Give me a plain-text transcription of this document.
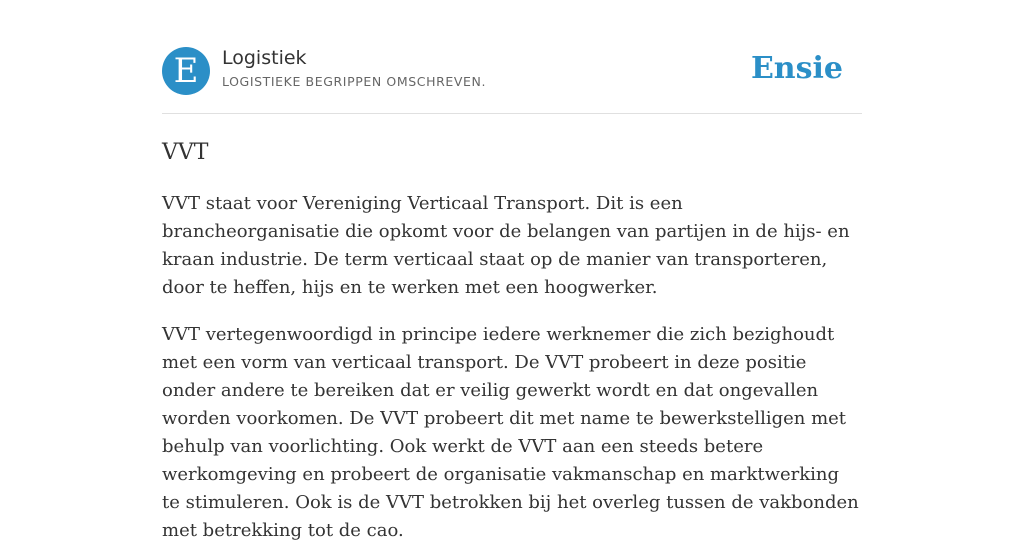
E	Logistiek
LOGISTIEKE BEGRIPPEN OMSCHREVEN.	Ensie
VVT

VVT staat voor Vereniging Verticaal Transport. Dit is een brancheorganisatie die opkomt voor de belangen van partijen in de hijs- en kraan industrie. De term verticaal staat op de manier van transporteren, door te heffen, hijs en te werken met een hoogwerker.

VVT vertegenwoordigd in principe iedere werknemer die zich bezighoudt met een vorm van verticaal transport. De VVT probeert in deze positie onder andere te bereiken dat er veilig gewerkt wordt en dat ongevallen worden voorkomen. De VVT probeert dit met name te bewerkstelligen met behulp van voorlichting. Ook werkt de VVT aan een steeds betere werkomgeving en probeert de organisatie vakmanschap en marktwerking te stimuleren. Ook is de VVT betrokken bij het overleg tussen de vakbonden met betrekking tot de cao.
